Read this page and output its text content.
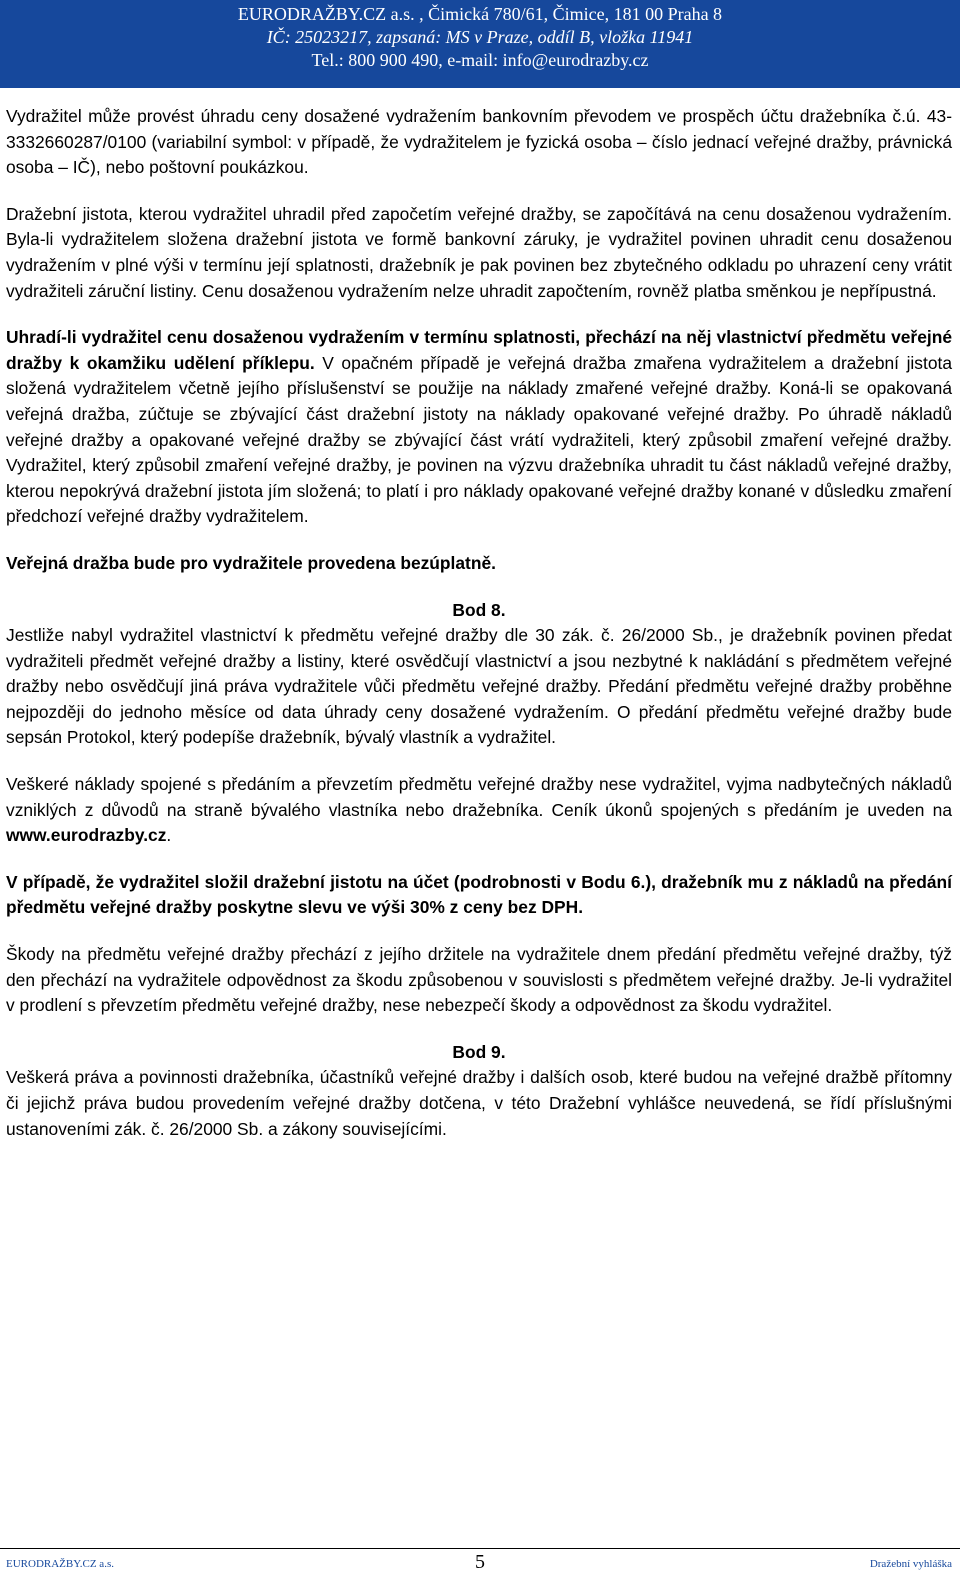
EURODRAŽBY.CZ a.s. , Čimická 780/61, Čimice, 181 00 Praha 8
IČ: 25023217, zapsaná: MS v Praze, oddíl B, vložka 11941
Tel.: 800 900 490, e-mail: info@eurodrazby.cz

Vydražitel může provést úhradu ceny dosažené vydražením bankovním převodem ve prospěch účtu dražebníka č.ú. 43-3332660287/0100 (variabilní symbol: v případě, že vydražitelem je fyzická osoba – číslo jednací veřejné dražby, právnická osoba – IČ), nebo poštovní poukázkou.

Dražební jistota, kterou vydražitel uhradil před započetím veřejné dražby, se započítává na cenu dosaženou vydražením. Byla-li vydražitelem složena dražební jistota ve formě bankovní záruky, je vydražitel povinen uhradit cenu dosaženou vydražením v plné výši v termínu její splatnosti, dražebník je pak povinen bez zbytečného odkladu po uhrazení ceny vrátit vydražiteli záruční listiny. Cenu dosaženou vydražením nelze uhradit započtením, rovněž platba směnkou je nepřípustná.

Uhradí-li vydražitel cenu dosaženou vydražením v termínu splatnosti, přechází na něj vlastnictví předmětu veřejné dražby k okamžiku udělení příklepu. V opačném případě je veřejná dražba zmařena vydražitelem a dražební jistota složená vydražitelem včetně jejího příslušenství se použije na náklady zmařené veřejné dražby. Koná-li se opakovaná veřejná dražba, zúčtuje se zbývající část dražební jistoty na náklady opakované veřejné dražby. Po úhradě nákladů veřejné dražby a opakované veřejné dražby se zbývající část vrátí vydražiteli, který způsobil zmaření veřejné dražby. Vydražitel, který způsobil zmaření veřejné dražby, je povinen na výzvu dražebníka uhradit tu část nákladů veřejné dražby, kterou nepokrývá dražební jistota jím složená; to platí i pro náklady opakované veřejné dražby konané v důsledku zmaření předchozí veřejné dražby vydražitelem.

Veřejná dražba bude pro vydražitele provedena bezúplatně.

Bod 8.

Jestliže nabyl vydražitel vlastnictví k předmětu veřejné dražby dle 30 zák. č. 26/2000 Sb., je dražebník povinen předat vydražiteli předmět veřejné dražby a listiny, které osvědčují vlastnictví a jsou nezbytné k nakládání s předmětem veřejné dražby nebo osvědčují jiná práva vydražitele vůči předmětu veřejné dražby. Předání předmětu veřejné dražby proběhne nejpozději do jednoho měsíce od data úhrady ceny dosažené vydražením. O předání předmětu veřejné dražby bude sepsán Protokol, který podepíše dražebník, bývalý vlastník a vydražitel.

Veškeré náklady spojené s předáním a převzetím předmětu veřejné dražby nese vydražitel, vyjma nadbytečných nákladů vzniklých z důvodů na straně bývalého vlastníka nebo dražebníka. Ceník úkonů spojených s předáním je uveden na www.eurodrazby.cz.

V případě, že vydražitel složil dražební jistotu na účet (podrobnosti v Bodu 6.), dražebník mu z nákladů na předání předmětu veřejné dražby poskytne slevu ve výši 30% z ceny bez DPH.

Škody na předmětu veřejné dražby přechází z jejího držitele na vydražitele dnem předání předmětu veřejné dražby, týž den přechází na vydražitele odpovědnost za škodu způsobenou v souvislosti s předmětem veřejné dražby. Je-li vydražitel v prodlení s převzetím předmětu veřejné dražby, nese nebezpečí škody a odpovědnost za škodu vydražitel.

Bod 9.

Veškerá práva a povinnosti dražebníka, účastníků veřejné dražby i dalších osob, které budou na veřejné dražbě přítomny či jejichž práva budou provedením veřejné dražby dotčena, v této Dražební vyhlášce neuvedená, se řídí příslušnými ustanoveními zák. č. 26/2000 Sb. a zákony souvisejícími.

EURODRAŽBY.CZ a.s.	5	Dražební vyhláška
